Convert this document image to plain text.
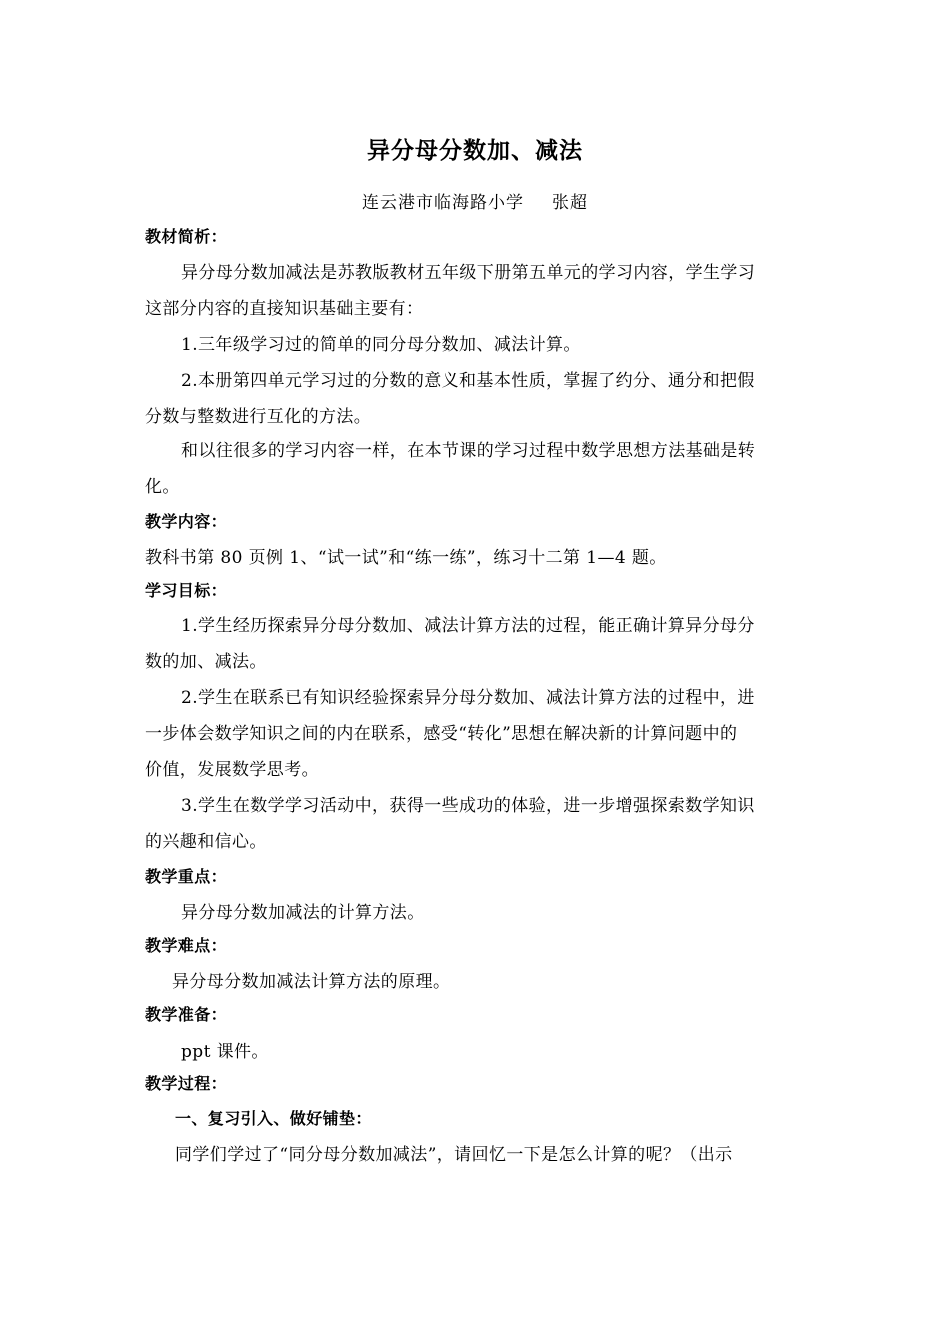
异分母分数加、减法
连云港市临海路小学 张超
教材简析：
异分母分数加减法是苏教版教材五年级下册第五单元的学习内容，学生学习
这部分内容的直接知识基础主要有：
1.三年级学习过的简单的同分母分数加、减法计算。
2.本册第四单元学习过的分数的意义和基本性质，掌握了约分、通分和把假
分数与整数进行互化的方法。
和以往很多的学习内容一样，在本节课的学习过程中数学思想方法基础是转
化。
教学内容：
教科书第 80 页例 1、“试一试”和“练一练”，练习十二第 1—4 题。
学习目标：
1.学生经历探索异分母分数加、减法计算方法的过程，能正确计算异分母分
数的加、减法。
2.学生在联系已有知识经验探索异分母分数加、减法计算方法的过程中，进
一步体会数学知识之间的内在联系，感受“转化”思想在解决新的计算问题中的
价值，发展数学思考。
3.学生在数学学习活动中，获得一些成功的体验，进一步增强探索数学知识
的兴趣和信心。
教学重点：
异分母分数加减法的计算方法。
教学难点：
异分母分数加减法计算方法的原理。
教学准备：
ppt 课件。
教学过程：
一、复习引入、做好铺垫：
同学们学过了“同分母分数加减法”，请回忆一下是怎么计算的呢？（出示
